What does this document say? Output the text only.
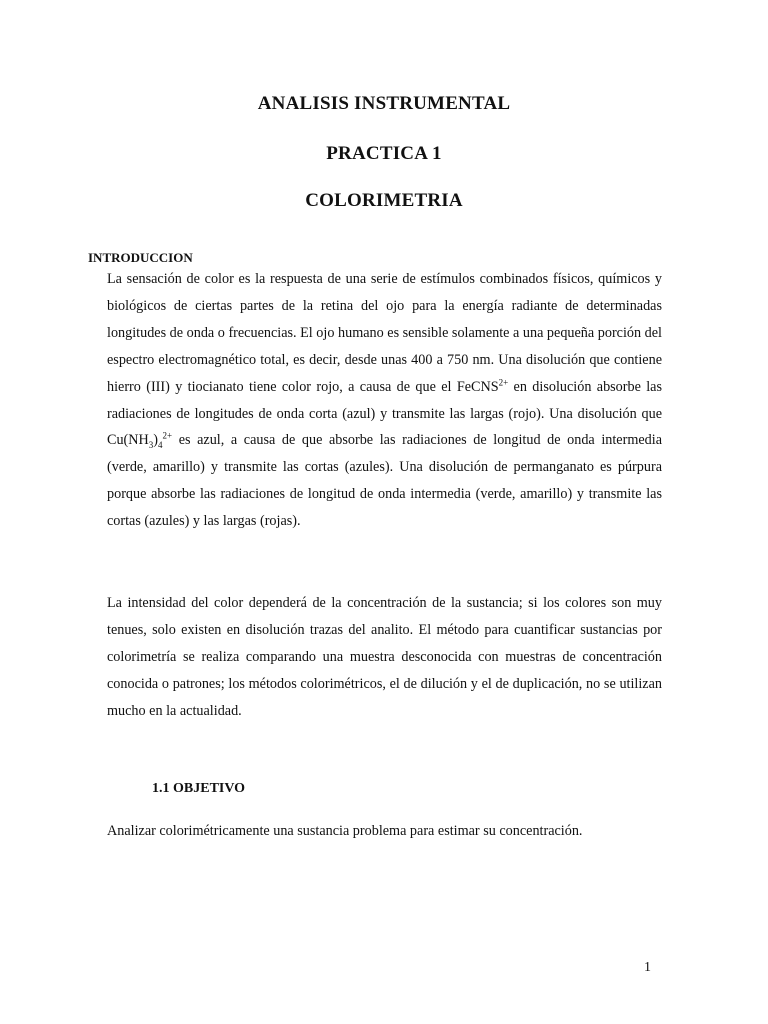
ANALISIS INSTRUMENTAL
PRACTICA 1
COLORIMETRIA
INTRODUCCION

La sensación de color es la respuesta de una serie de estímulos combinados físicos, químicos y biológicos de ciertas partes de la retina del ojo para la energía radiante de determinadas longitudes de onda o frecuencias. El ojo humano es sensible solamente a una pequeña porción del espectro electromagnético total, es decir, desde unas 400 a 750 nm. Una disolución que contiene hierro (III) y tiocianato tiene color rojo, a causa de que el FeCNS$^{2+}$ en disolución absorbe las radiaciones de longitudes de onda corta (azul) y transmite las largas (rojo). Una disolución que $Cu(NH_3)_4^{2+}$ es azul, a causa de que absorbe las radiaciones de longitud de onda intermedia (verde, amarillo) y transmite las cortas (azules). Una disolución de permanganato es púrpura porque absorbe las radiaciones de longitud de onda intermedia (verde, amarillo) y transmite las cortas (azules) y las largas (rojas).

La intensidad del color dependerá de la concentración de la sustancia; si los colores son muy tenues, solo existen en disolución trazas del analito. El método para cuantificar sustancias por colorimetría se realiza comparando una muestra desconocida con muestras de concentración conocida o patrones; los métodos colorimétricos, el de dilución y el de duplicación, no se utilizan mucho en la actualidad.

1.1 OBJETIVO

Analizar colorimétricamente una sustancia problema para estimar su concentración.

1
